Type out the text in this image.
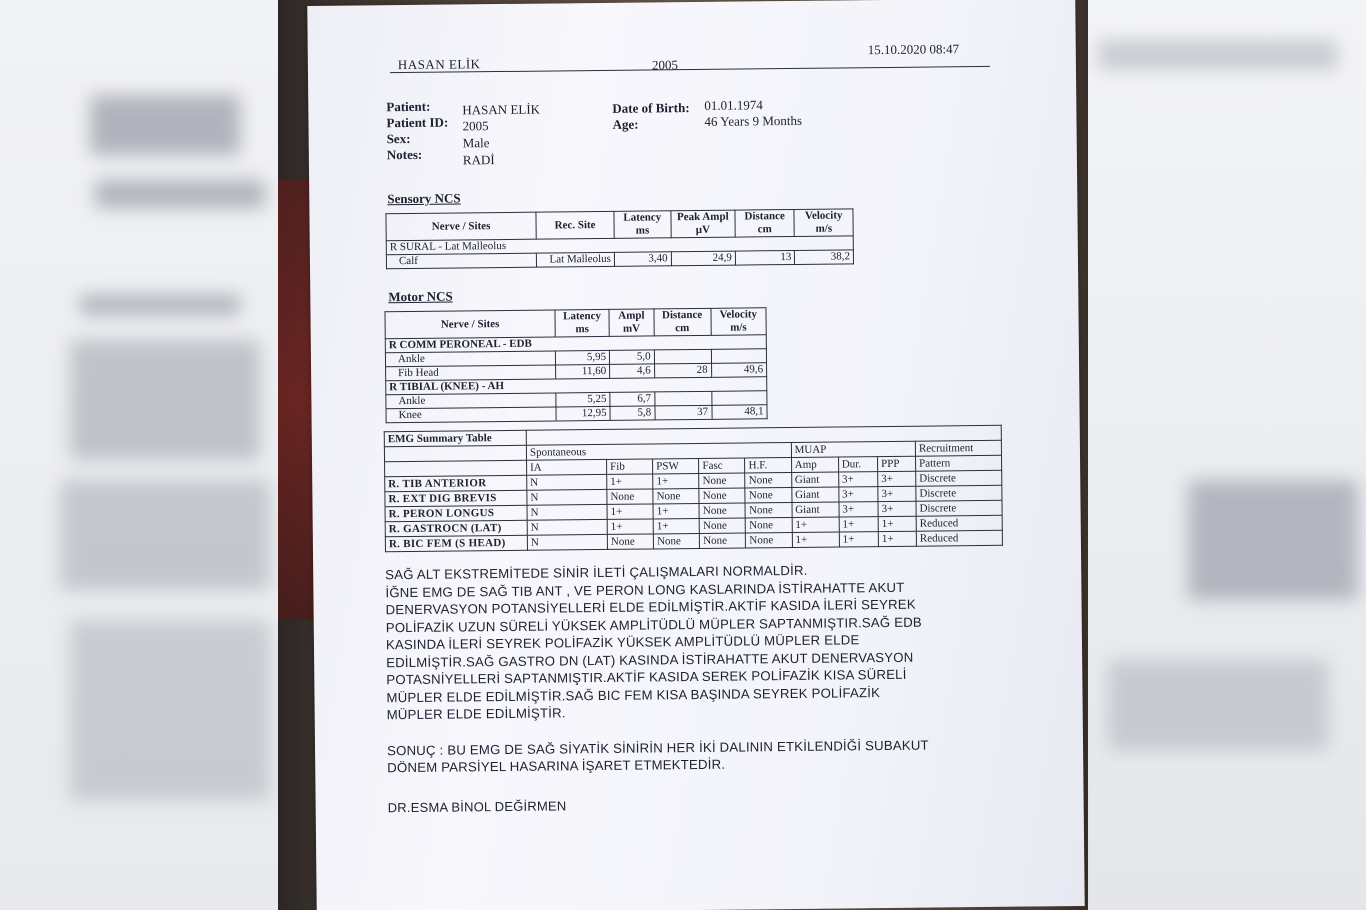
HASAN ELİK	2005
15.10.2020 08:47
Patient: HASAN ELİK
Patient ID: 2005
Sex:	Male
Notes:	RADİ
Date of Birth: 01.01.1974
Age:	46 Years 9 Months
Sensory NCS
Nerve / Sites	Rec. Site	Latency ms	Peak Ampl µV	Distance cm	Velocity m/s
R SURAL - Lat Malleolus					
Calf	Lat Malleolus	3,40	24,9	13	38,2
Motor NCS
Nerve / Sites	Latency ms	Ampl mV	Distance cm	Velocity m/s
R COMM PERONEAL - EDB				
Ankle	5,95	5,0		
Fib Head	11,60	4,6	28	49,6
R TIBIAL (KNEE) - AH				
Ankle	5,25	6,7		
Knee	12,95	5,8	37	48,1
EMG Summary Table									
	Spontaneous					MUAP			Recruitment
	IA	Fib	PSW	Fasc	H.F.	Amp	Dur.	PPP	Pattern
R. TIB ANTERIOR	N	1+	1+	None	None	Giant	3+	3+	Discrete
R. EXT DIG BREVIS	N	None	None	None	None	Giant	3+	3+	Discrete
R. PERON LONGUS	N	1+	1+	None	None	Giant	3+	3+	Discrete
R. GASTROCN (LAT)	N	1+	1+	None	None	1+	1+	1+	Reduced
R. BIC FEM (S HEAD)	N	None	None	None	None	1+	1+	1+	Reduced

SAĞ ALT EKSTREMİTEDE SİNİR İLETİ ÇALIŞMALARI NORMALDİR.

İĞNE EMG DE SAĞ TIB ANT , VE PERON LONG KASLARINDA İSTİRAHATTE AKUT

DENERVASYON POTANSİYELLERİ ELDE EDİLMİŞTİR.AKTİF KASIDA İLERİ SEYREK

POLİFAZİK UZUN SÜRELİ YÜKSEK AMPLİTÜDLÜ MÜPLER SAPTANMIŞTIR.SAĞ EDB

KASINDA İLERİ SEYREK POLİFAZİK YÜKSEK AMPLİTÜDLÜ MÜPLER ELDE

EDİLMİŞTİR.SAĞ GASTRO DN (LAT) KASINDA İSTİRAHATTE AKUT DENERVASYON

POTASNİYELLERİ SAPTANMIŞTIR.AKTİF KASIDA SEREK POLİFAZİK KISA SÜRELİ

MÜPLER ELDE EDİLMİŞTİR.SAĞ BIC FEM KISA BAŞINDA SEYREK POLİFAZİK

MÜPLER ELDE EDİLMİŞTİR.

SONUÇ : BU EMG DE SAĞ SİYATİK SİNİRİN HER İKİ DALININ ETKİLENDİĞİ SUBAKUT

DÖNEM PARSİYEL HASARINA İŞARET ETMEKTEDİR.

DR.ESMA BİNOL DEĞİRMEN
